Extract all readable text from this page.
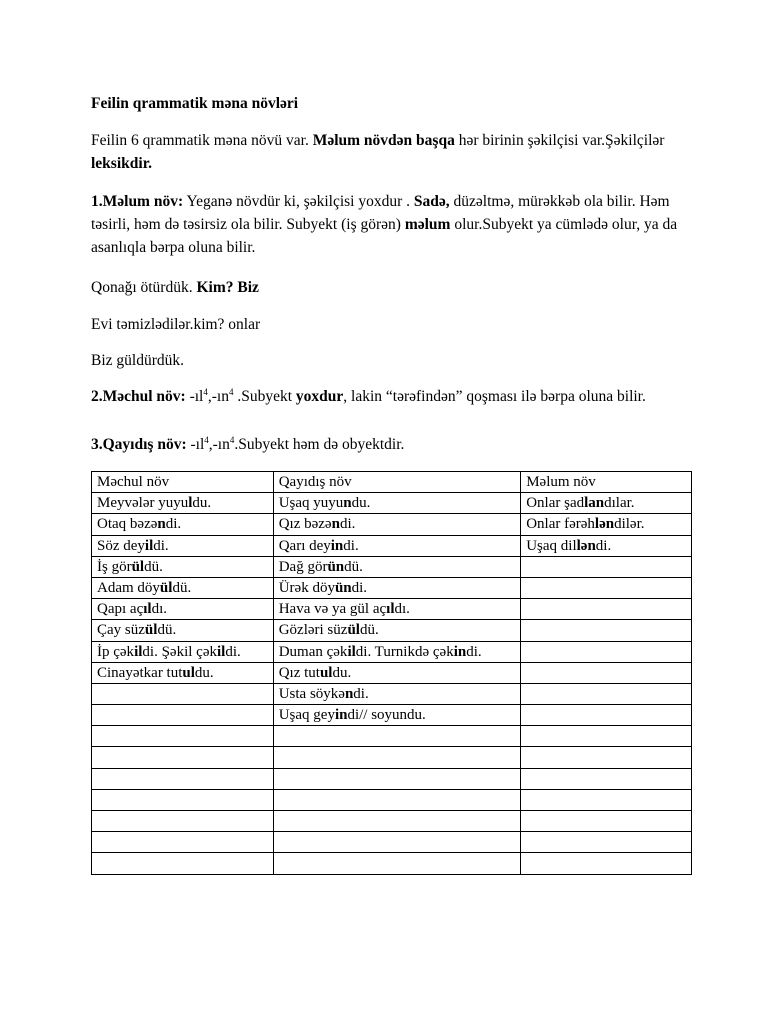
Feilin qrammatik məna növləri

Feilin 6 qrammatik məna növü var. Məlum növdən başqa hər birinin şəkilçisi var.Şəkilçilər leksikdir.

1.Məlum növ: Yeganə növdür ki, şəkilçisi yoxdur . Sadə, düzəltmə, mürəkkəb ola bilir. Həm təsirli, həm də təsirsiz ola bilir. Subyekt (iş görən) məlum olur.Subyekt ya cümlədə olur, ya da asanlıqla bərpa oluna bilir.

Qonağı ötürdük. Kim? Biz

Evi təmizlədilər.kim? onlar

Biz güldürdük.

2.Məchul növ: $-ıl^4,-ın^4$ .Subyekt yoxdur, lakin “tərəfindən” qoşması ilə bərpa oluna bilir.

3.Qayıdış növ: $-ıl^4,-ın^4.Subyekt$ həm də obyektdir.

Məchul növ	Qayıdış növ	Məlum növ
Meyvələr yuyuldu.	Uşaq yuyundu.	Onlar şadlandılar.
Otaq bəzəndi.	Qız bəzəndi.	Onlar fərəhləndilər.
Söz deyildi.	Qarı deyindi.	Uşaq dilləndi.
İş görüldü.	Dağ göründü.	
Adam döyüldü.	Ürək döyündi.	
Qapı açıldı.	Hava və ya gül açıldı.	
Çay süzüldü.	Gözləri süzüldü.	
İp çəkildi. Şəkil çəkildi.	Duman çəkildi. Turnikdə çəkindi.	
Cinayətkar tutuldu.	Qız tutuldu.	
	Usta söykəndi.	
	Uşaq geyindi// soyundu.	
